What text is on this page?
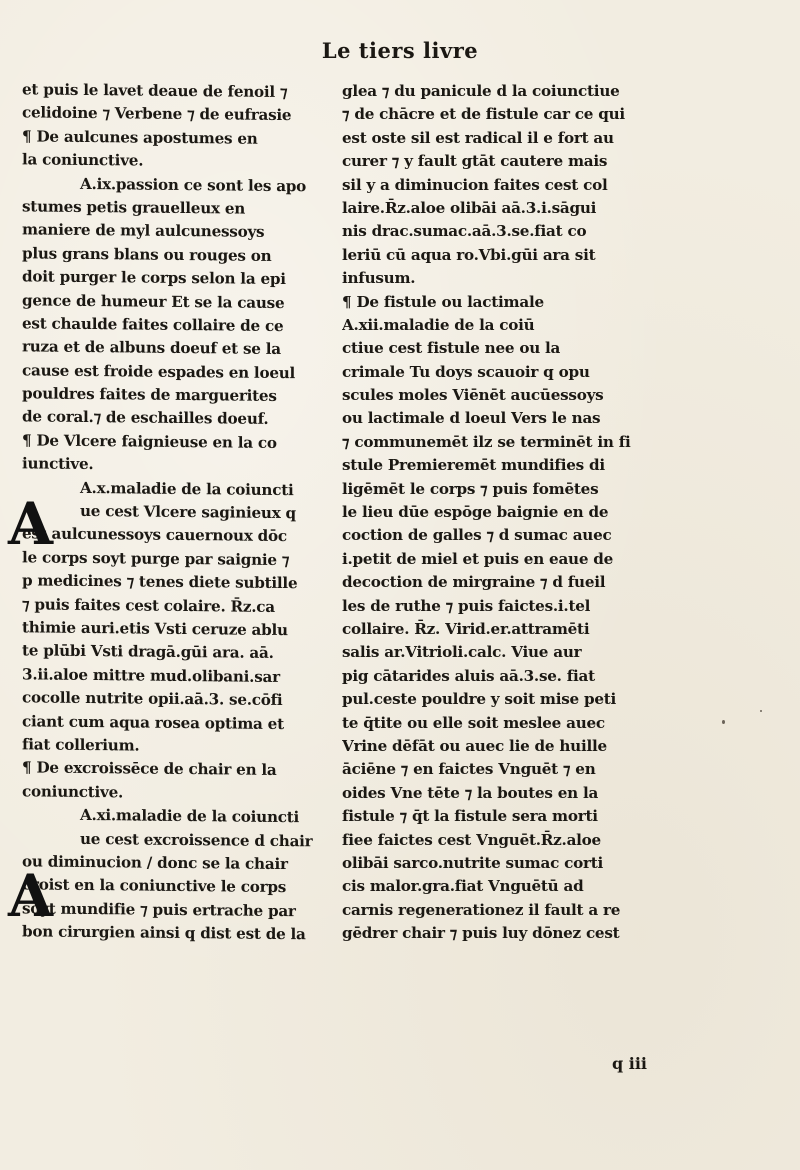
Le tiers livre
et puis le lavet deaue de fenoil ⁊
celidoine ⁊ Verbene ⁊ de eufrasie
¶ De aulcunes apostumes en
la coniunctive.
A.ix.passion ce sont les apo
stumes petis grauelleux en
maniere de myl aulcunessoys
plus grans blans ou rouges on
doit purger le corps selon la epi
gence de humeur Et se la cause
est chaulde faites collaire de ce
ruza et de albuns doeuf et se la
cause est froide espades en loeul
pouldres faites de marguerites
de coral.⁊ de eschailles doeuf.
¶ De Vlcere faignieuse en la co
iunctive.
A.x.maladie de la coiuncti
ue cest Vlcere saginieux q
est aulcunessoys cauernoux dōc
le corps soyt purge par saignie ⁊
p medicines ⁊ tenes diete subtille
⁊ puis faites cest colaire. R̄z.ca
thimie auri.etis Vsti ceruze ablu
te plūbi Vsti dragā.gūi ara. aā.
3.ii.aloe mittre mud.olibani.sar
cocolle nutrite opii.aā.3. se.cōfi
ciant cum aqua rosea optima et
fiat collerium.
¶ De excroissēce de chair en la
coniunctive.
A.xi.maladie de la coiuncti
ue cest excroissence d chair
ou diminucion / donc se la chair
croist en la coniunctive le corps
soyt mundifie ⁊ puis ertrache par
bon cirurgien ainsi q dist est de la
glea ⁊ du panicule d la coiunctiue
⁊ de chācre et de fistule car ce qui
est oste sil est radical il e fort au
curer ⁊ y fault gtāt cautere mais
sil y a diminucion faites cest col
laire.R̄z.aloe olibāi aā.3.i.sāgui
nis drac.sumac.aā.3.se.fiat co
leriū cū aqua ro.Vbi.gūi ara sit
infusum.
¶ De fistule ou lactimale
A.xii.maladie de la coiū
ctiue cest fistule nee ou la
crimale Tu doys scauoir q opu
scules moles Viēnēt aucūessoys
ou lactimale d loeul Vers le nas
⁊ communemēt ilz se terminēt in fi
stule Premieremēt mundifies di
ligēmēt le corps ⁊ puis fomētes
le lieu dūe espōge baignie en de
coction de galles ⁊ d sumac auec
i.petit de miel et puis en eaue de
decoction de mirgraine ⁊ d fueil
les de ruthe ⁊ puis faictes.i.tel
collaire. R̄z. Virid.er.attramēti
salis ar.Vitrioli.calc. Viue aur
pig cātarides aluis aā.3.se. fiat
pul.ceste pouldre y soit mise peti
te q̄tite ou elle soit meslee auec
Vrine dēfāt ou auec lie de huille
āciēne ⁊ en faictes Vnguēt ⁊ en
oides Vne tēte ⁊ la boutes en la
fistule ⁊ q̄t la fistule sera morti
fiee faictes cest Vnguēt.R̄z.aloe
olibāi sarco.nutrite sumac corti
cis malor.gra.fiat Vnguētū ad
carnis regenerationez il fault a re
gēdrer chair ⁊ puis luy dōnez cest
A
A
q iii
